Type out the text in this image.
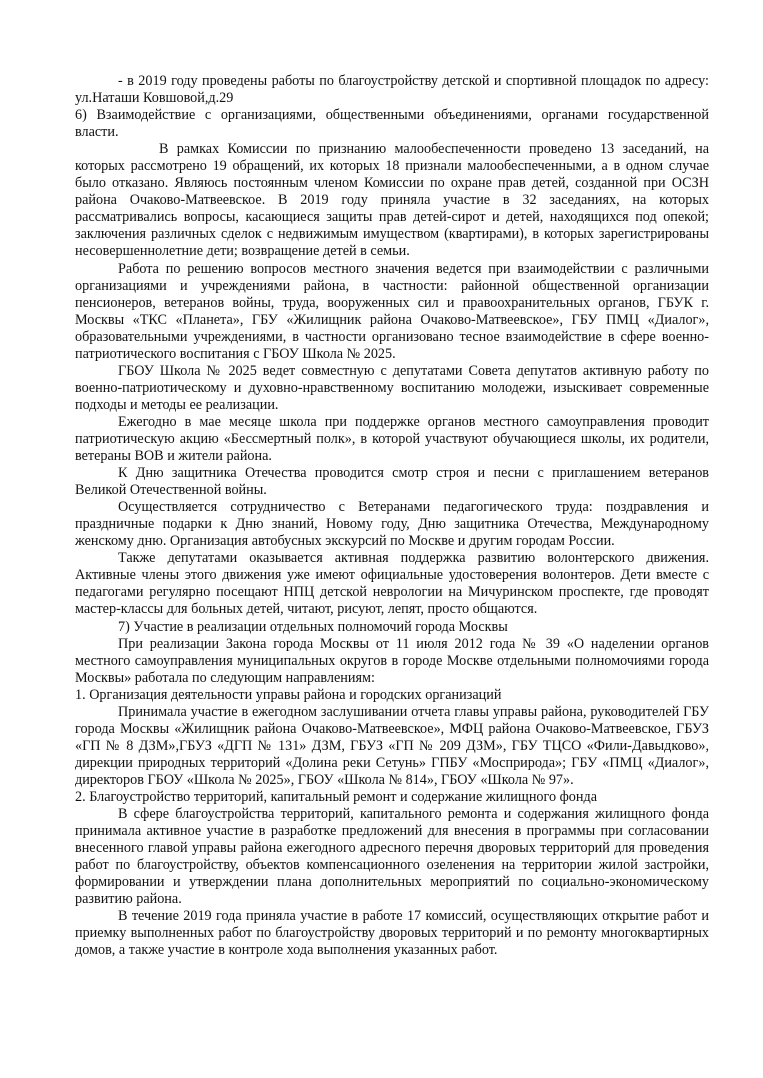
- в 2019 году проведены работы по благоустройству детской и спортивной площадок по адресу: ул.Наташи Ковшовой,д.29

6) Взаимодействие с организациями, общественными объединениями, органами государственной власти.

В рамках Комиссии по признанию малообеспеченности проведено 13 заседаний, на которых рассмотрено 19 обращений, их которых 18 признали малообеспеченными, а в одном случае было отказано. Являюсь постоянным членом Комиссии по охране прав детей, созданной при ОСЗН района Очаково-Матвеевское. В 2019 году приняла участие в 32 заседаниях, на которых рассматривались вопросы, касающиеся защиты прав детей-сирот и детей, находящихся под опекой; заключения различных сделок с недвижимым имуществом (квартирами), в которых зарегистрированы несовершеннолетние дети; возвращение детей в семьи.

Работа по решению вопросов местного значения ведется при взаимодействии с различными организациями и учреждениями района, в частности: районной общественной организации пенсионеров, ветеранов войны, труда, вооруженных сил и правоохранительных органов, ГБУК г. Москвы «ТКС «Планета», ГБУ «Жилищник района Очаково-Матвеевское», ГБУ ПМЦ «Диалог», образовательными учреждениями, в частности организовано тесное взаимодействие в сфере военно-патриотического воспитания с ГБОУ Школа № 2025.

ГБОУ Школа № 2025 ведет совместную с депутатами Совета депутатов активную работу по военно-патриотическому и духовно-нравственному воспитанию молодежи, изыскивает современные подходы и методы ее реализации.

Ежегодно в мае месяце школа при поддержке органов местного самоуправления проводит патриотическую акцию «Бессмертный полк», в которой участвуют обучающиеся школы, их родители, ветераны ВОВ и жители района.

К Дню защитника Отечества проводится смотр строя и песни с приглашением ветеранов Великой Отечественной войны.

Осуществляется сотрудничество с Ветеранами педагогического труда: поздравления и праздничные подарки к Дню знаний, Новому году, Дню защитника Отечества, Международному женскому дню. Организация автобусных экскурсий по Москве и другим городам России.

Также депутатами оказывается активная поддержка развитию волонтерского движения. Активные члены этого движения уже имеют официальные удостоверения волонтеров. Дети вместе с педагогами регулярно посещают НПЦ детской неврологии на Мичуринском проспекте, где проводят мастер-классы для больных детей, читают, рисуют, лепят, просто общаются.

7) Участие в реализации отдельных полномочий города Москвы

При реализации Закона города Москвы от 11 июля 2012 года № 39 «О наделении органов местного самоуправления муниципальных округов в городе Москве отдельными полномочиями города Москвы» работала по следующим направлениям:

1. Организация деятельности управы района и городских организаций

Принимала участие в ежегодном заслушивании отчета главы управы района, руководителей ГБУ города Москвы «Жилищник района Очаково-Матвеевское», МФЦ района Очаково-Матвеевское, ГБУЗ «ГП № 8 ДЗМ»,ГБУЗ «ДГП № 131» ДЗМ, ГБУЗ «ГП № 209 ДЗМ», ГБУ ТЦСО «Фили-Давыдково», дирекции природных территорий «Долина реки Сетунь» ГПБУ «Мосприрода»; ГБУ «ПМЦ «Диалог», директоров ГБОУ «Школа № 2025», ГБОУ «Школа № 814», ГБОУ «Школа № 97».

2. Благоустройство территорий, капитальный ремонт и содержание жилищного фонда

В сфере благоустройства территорий, капитального ремонта и содержания жилищного фонда принимала активное участие в разработке предложений для внесения в программы при согласовании внесенного главой управы района ежегодного адресного перечня дворовых территорий для проведения работ по благоустройству, объектов компенсационного озеленения на территории жилой застройки, формировании и утверждении плана дополнительных мероприятий по социально-экономическому развитию района.

В течение 2019 года приняла участие в работе 17 комиссий, осуществляющих открытие работ и приемку выполненных работ по благоустройству дворовых территорий и по ремонту многоквартирных домов, а также участие в контроле хода выполнения указанных работ.
